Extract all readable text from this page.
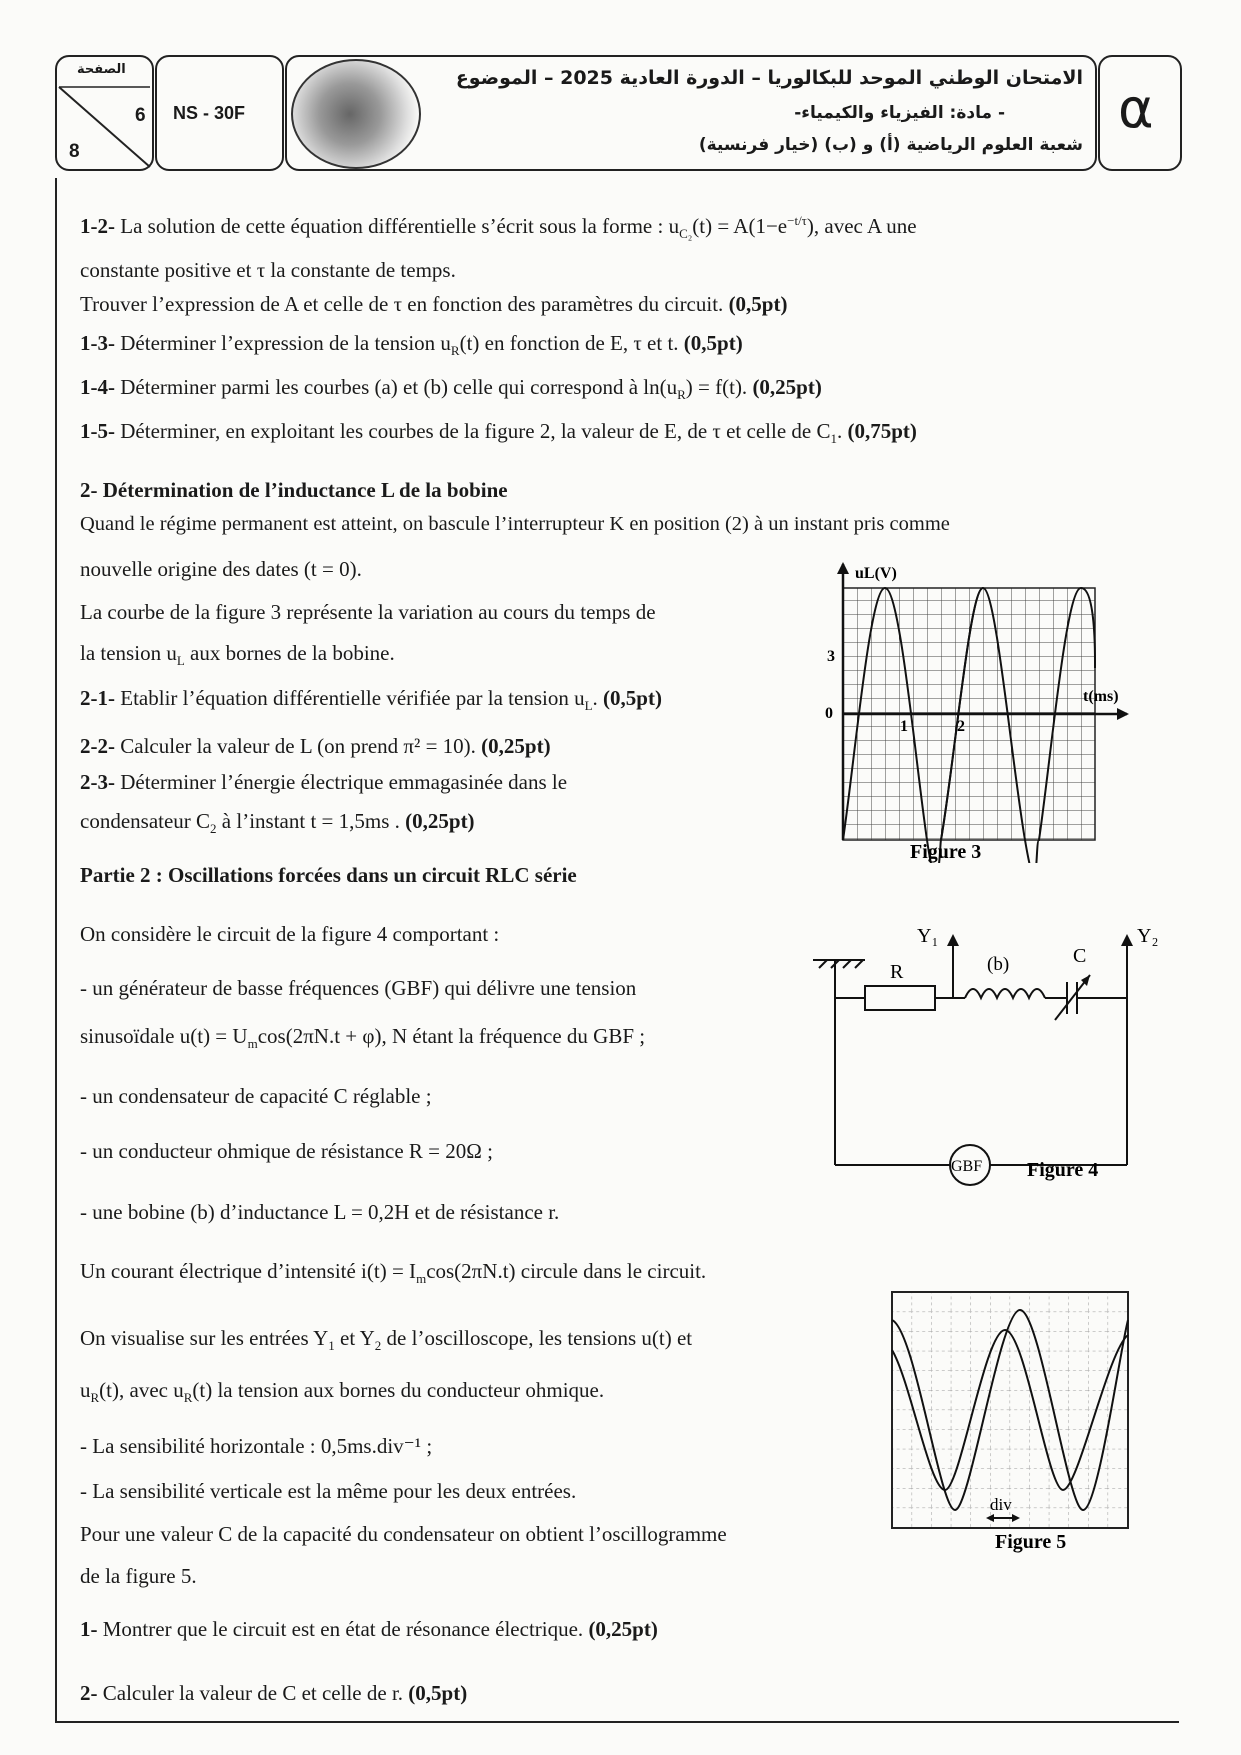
الصفحة
6
8
NS - 30F
الامتحان الوطني الموحد للبكالوريا – الدورة العادية 2025 – الموضوع
- مادة: الفيزياء والكيمياء-
شعبة العلوم الرياضية (أ) و (ب) (خيار فرنسية)
α
1-2- La solution de cette équation différentielle s’écrit sous la forme : $u_{C_2}(t) = A(1-e^{-t/\tau})$, avec A une
constante positive et τ la constante de temps.
Trouver l’expression de A et celle de τ en fonction des paramètres du circuit. (0,5pt)
1-3- Déterminer l’expression de la tension $u_R(t)$ en fonction de E, τ et t. (0,5pt)
1-4- Déterminer parmi les courbes (a) et (b) celle qui correspond à $\ln(u_R) = f(t)$. (0,25pt)
1-5- Déterminer, en exploitant les courbes de la figure 2, la valeur de E, de τ et celle de $C_1$. (0,75pt)
2- Détermination de l’inductance L de la bobine
Quand le régime permanent est atteint, on bascule l’interrupteur K en position (2) à un instant pris comme
nouvelle origine des dates (t = 0).
La courbe de la figure 3 représente la variation au cours du temps de
la tension $u_L$ aux bornes de la bobine.
2-1- Etablir l’équation différentielle vérifiée par la tension $u_L$. (0,5pt)
2-2- Calculer la valeur de L (on prend π² = 10). (0,25pt)
2-3- Déterminer l’énergie électrique emmagasinée dans le
condensateur $C_2$ à l’instant t = 1,5ms . (0,25pt)
uL(V)
t(ms)
3
0
1	2
Figure 3
Partie 2 : Oscillations forcées dans un circuit RLC série
On considère le circuit de la figure 4 comportant :
- un générateur de basse fréquences (GBF) qui délivre une tension
sinusoïdale $u(t) = U_m\cos(2\pi N.t + \varphi)$, N étant la fréquence du GBF ;
- un condensateur de capacité C réglable ;
- un conducteur ohmique de résistance R = 20Ω ;
- une bobine (b) d’inductance L = 0,2H et de résistance r.
Un courant électrique d’intensité $i(t) = I_m\cos(2\pi N.t)$ circule dans le circuit.
On visualise sur les entrées $Y_1$ et $Y_2$ de l’oscilloscope, les tensions u(t) et
$u_R(t)$, avec $u_R(t)$ la tension aux bornes du conducteur ohmique.
- La sensibilité horizontale : 0,5ms.div⁻¹ ;
- La sensibilité verticale est la même pour les deux entrées.
Pour une valeur C de la capacité du condensateur on obtient l’oscillogramme
de la figure 5.
1- Montrer que le circuit est en état de résonance électrique. (0,25pt)
2- Calculer la valeur de C et celle de r. (0,5pt)
R
Y₁
(b)	C
Y₂
GBF Figure 4
div
Figure 5
